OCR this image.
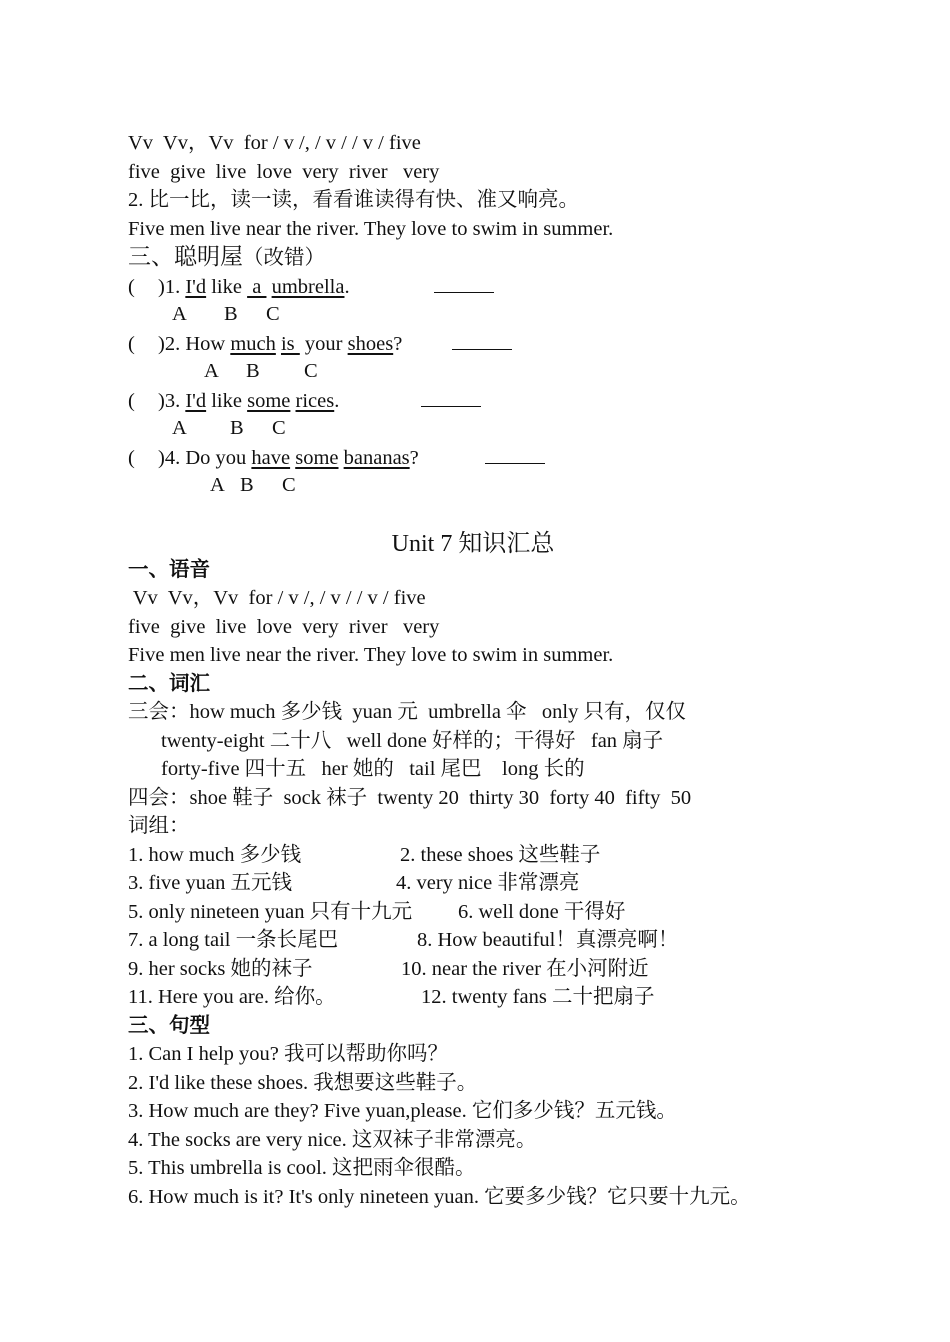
Vv  Vv，Vv  for / v /, / v / / v / five
five  give  live  love  very  river   very
2. 比一比，读一读，看看谁读得有快、准又响亮。
Five men live near the river. They love to swim in summer.
三、聪明屋（改错）
( )1. I'd like  a  umbrella.
A B C
( )2. How much is  your shoes?
A B C
( )3. I'd like some rices.
A B C
( )4. Do you have some bananas?
A B C
Unit 7 知识汇总
一、语音
Vv  Vv，Vv  for / v /, / v / / v / five
five  give  live  love  very  river   very
Five men live near the river. They love to swim in summer.
二、词汇
三会：how much 多少钱  yuan 元  umbrella 伞   only 只有，仅仅
twenty-eight 二十八   well done 好样的；干得好   fan 扇子
forty-five 四十五   her 她的   tail 尾巴    long 长的
四会：shoe 鞋子  sock 袜子  twenty 20  thirty 30  forty 40  fifty  50
词组：
1. how much 多少钱	2. these shoes 这些鞋子
3. five yuan 五元钱	4. very nice 非常漂亮
5. only nineteen yuan 只有十九元 6. well done 干得好
7. a long tail 一条长尾巴	8. How beautiful！真漂亮啊！
9. her socks 她的袜子	10. near the river 在小河附近
11. Here you are. 给你。	12. twenty fans 二十把扇子
三、句型
1. Can I help you? 我可以帮助你吗？
2. I'd like these shoes. 我想要这些鞋子。
3. How much are they? Five yuan,please. 它们多少钱？五元钱。
4. The socks are very nice. 这双袜子非常漂亮。
5. This umbrella is cool. 这把雨伞很酷。
6. How much is it? It's only nineteen yuan. 它要多少钱？它只要十九元。
